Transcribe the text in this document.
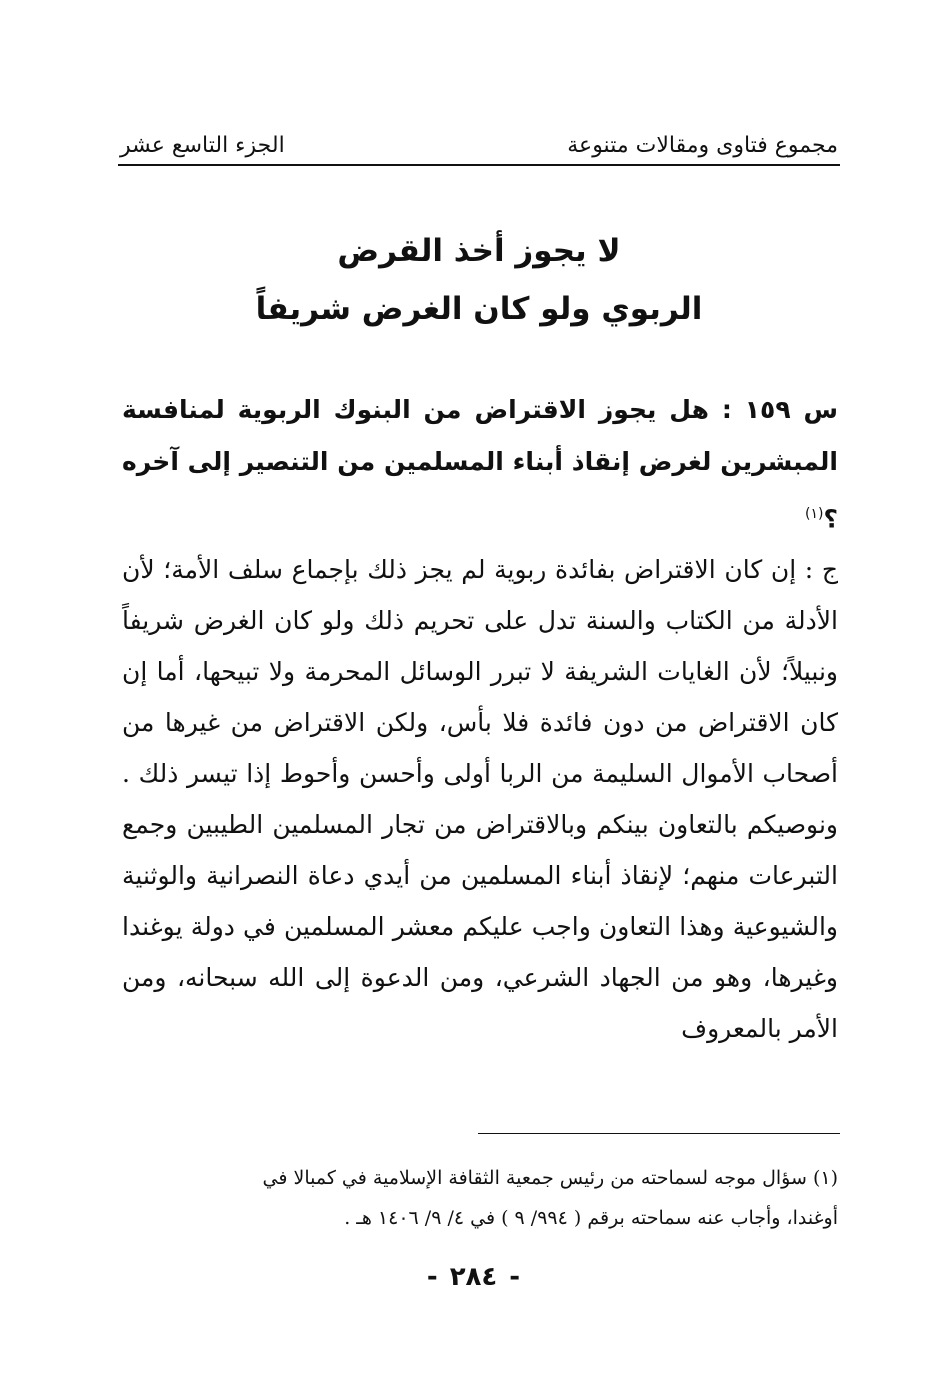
مجموع فتاوى ومقالات متنوعة
الجزء التاسع عشر
لا يجوز أخذ القرض
الربوي ولو كان الغرض شريفاً
س ١٥٩ : هل يجوز الاقتراض من البنوك الربوية لمنافسة المبشرين لغرض إنقاذ أبناء المسلمين من التنصير إلى آخره ؟$^{(١)}$
ج : إن كان الاقتراض بفائدة ربوية لم يجز ذلك بإجماع سلف الأمة؛ لأن الأدلة من الكتاب والسنة تدل على تحريم ذلك ولو كان الغرض شريفاً ونبيلاً؛ لأن الغايات الشريفة لا تبرر الوسائل المحرمة ولا تبيحها، أما إن كان الاقتراض من دون فائدة فلا بأس، ولكن الاقتراض من غيرها من أصحاب الأموال السليمة من الربا أولى وأحسن وأحوط إذا تيسر ذلك . ونوصيكم بالتعاون بينكم وبالاقتراض من تجار المسلمين الطيبين وجمع التبرعات منهم؛ لإنقاذ أبناء المسلمين من أيدي دعاة النصرانية والوثنية والشيوعية وهذا التعاون واجب عليكم معشر المسلمين في دولة يوغندا وغيرها، وهو من الجهاد الشرعي، ومن الدعوة إلى الله سبحانه، ومن الأمر بالمعروف
(١) سؤال موجه لسماحته من رئيس جمعية الثقافة الإسلامية في كمبالا في
أوغندا، وأجاب عنه سماحته برقم ( ٩٩٤/ ٩ ) في ٤/ ٩/ ١٤٠٦ هـ .
-٢٨٤-
